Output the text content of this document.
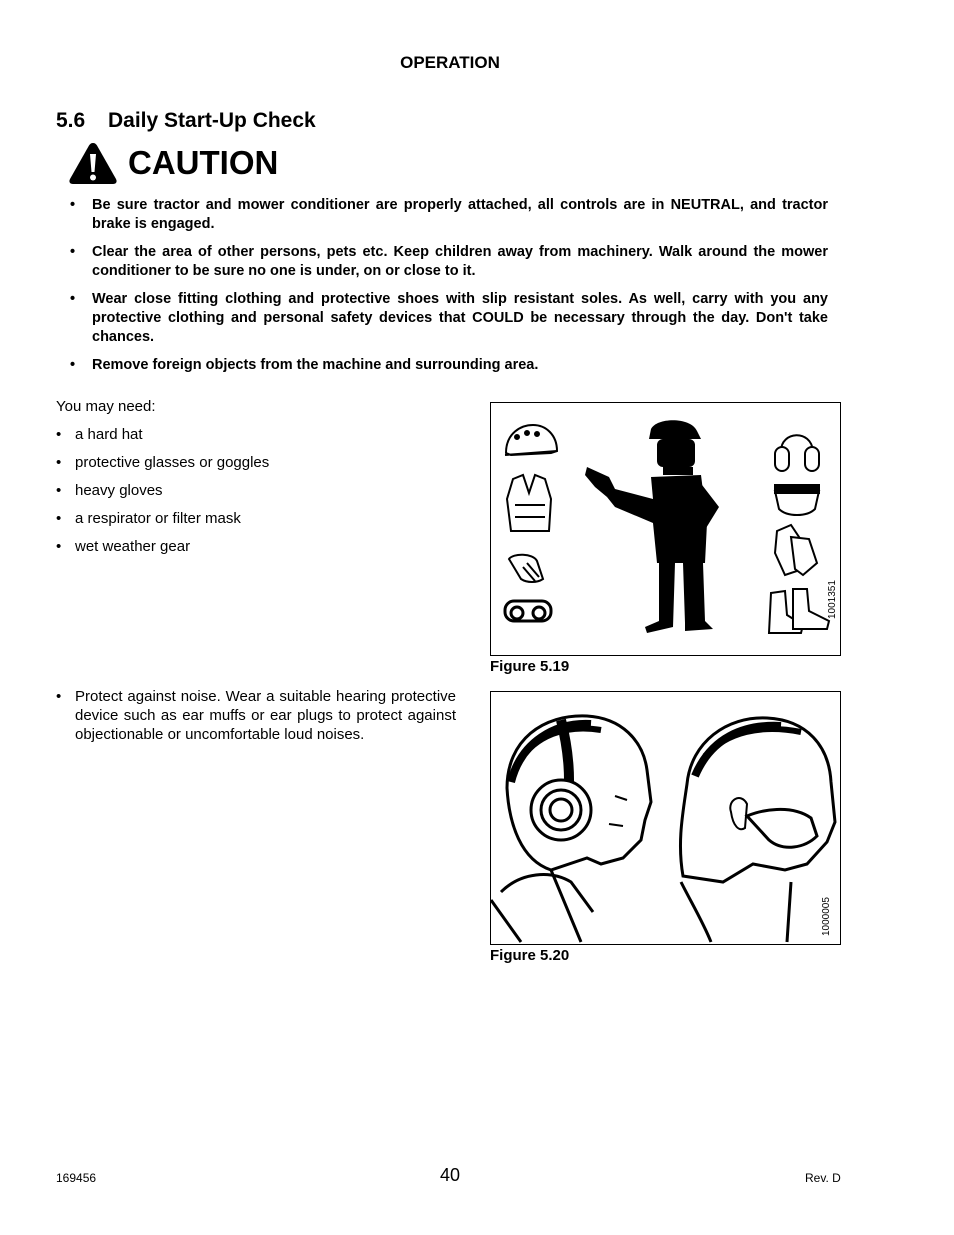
OPERATION
5.6 Daily Start-Up Check
CAUTION
• Be sure tractor and mower conditioner are properly attached, all controls are in NEUTRAL, and tractor brake is engaged.
• Clear the area of other persons, pets etc. Keep children away from machinery. Walk around the mower conditioner to be sure no one is under, on or close to it.
• Wear close fitting clothing and protective shoes with slip resistant soles. As well, carry with you any protective clothing and personal safety devices that COULD be necessary through the day. Don't take chances.
• Remove foreign objects from the machine and surrounding area.
You may need:
• a hard hat
• protective glasses or goggles
• heavy gloves
• a respirator or filter mask
• wet weather gear
1001351
Figure 5.19
• Protect against noise. Wear a suitable hearing protective device such as ear muffs or ear plugs to protect against objectionable or uncomfortable loud noises.
1000005
Figure 5.20
169456	40	Rev. D
